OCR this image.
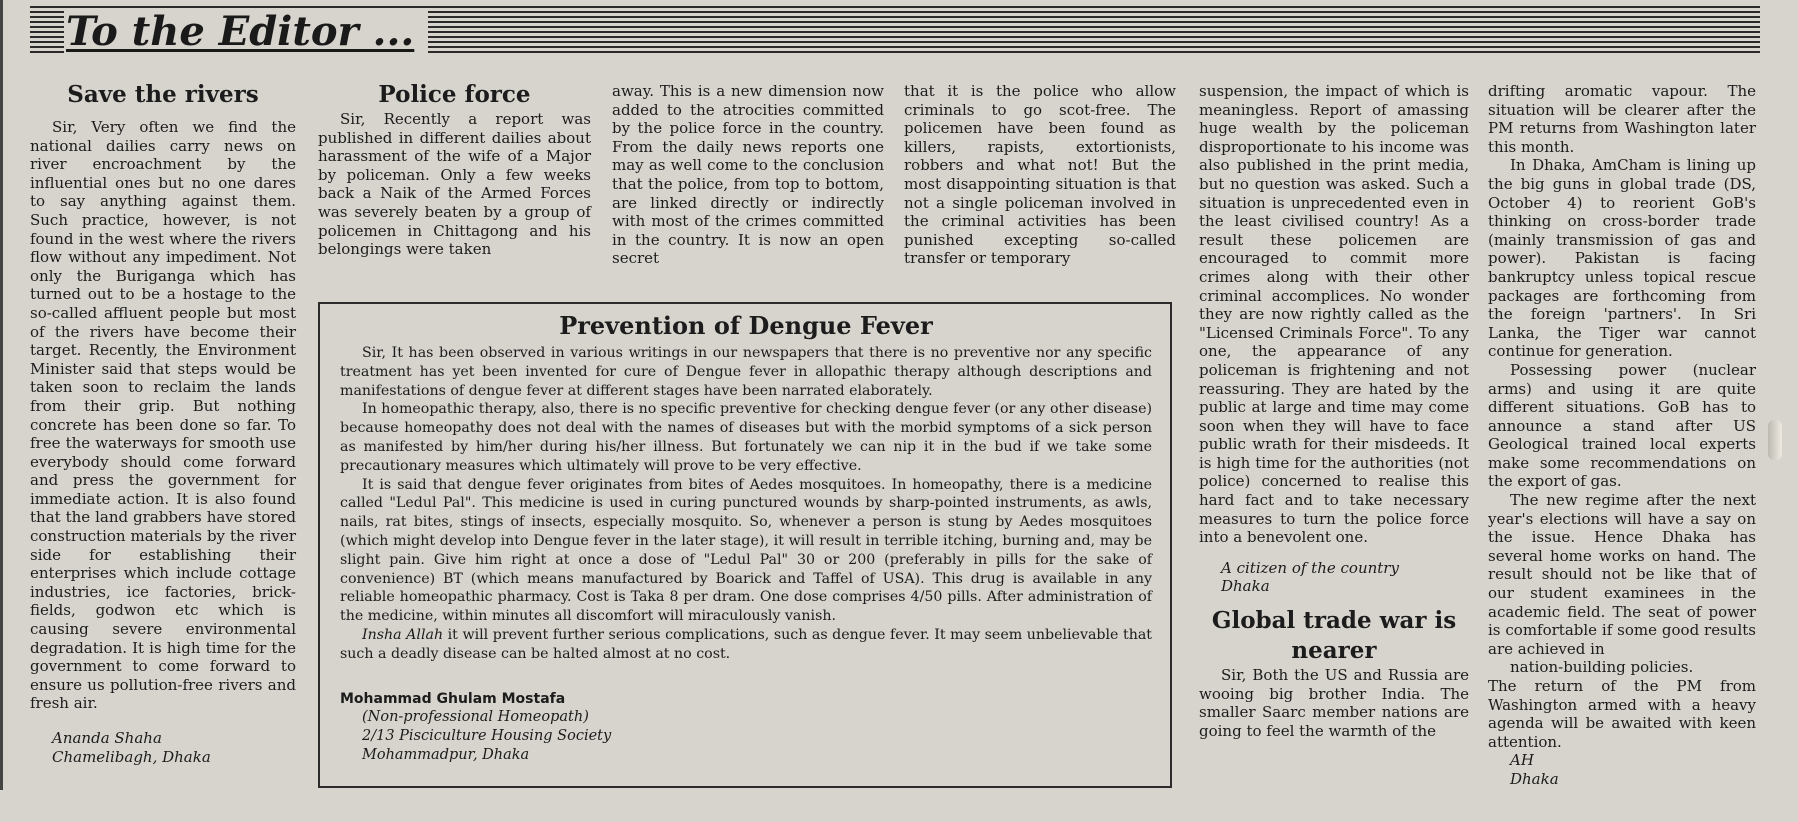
To the Editor ...
Save the rivers

Sir, Very often we find the national dailies carry news on river encroachment by the influential ones but no one dares to say anything against them. Such practice, however, is not found in the west where the rivers flow without any impediment. Not only the Buriganga which has turned out to be a hostage to the so-called affluent people but most of the rivers have become their target. Recently, the Environment Minister said that steps would be taken soon to reclaim the lands from their grip. But nothing concrete has been done so far. To free the waterways for smooth use everybody should come forward and press the government for immediate action. It is also found that the land grabbers have stored construction materials by the river side for establishing their enterprises which include cottage industries, ice factories, brick-fields, godwon etc which is causing severe environmental degradation. It is high time for the government to come forward to ensure us pollution-free rivers and fresh air.

Ananda Shaha

Chamelibagh, Dhaka

Police force

Sir, Recently a report was published in different dailies about harassment of the wife of a Major by policeman. Only a few weeks back a Naik of the Armed Forces was severely beaten by a group of policemen in Chittagong and his belongings were taken

away. This is a new dimension now added to the atrocities committed by the police force in the country. From the daily news reports one may as well come to the conclusion that the police, from top to bottom, are linked directly or indirectly with most of the crimes committed in the country. It is now an open secret

that it is the police who allow criminals to go scot-free. The policemen have been found as killers, rapists, extortionists, robbers and what not! But the most disappointing situation is that not a single policeman involved in the criminal activities has been punished excepting so-called transfer or temporary

suspension, the impact of which is meaningless. Report of amassing huge wealth by the policeman disproportionate to his income was also published in the print media, but no question was asked. Such a situation is unprecedented even in the least civilised country! As a result these policemen are encouraged to commit more crimes along with their other criminal accomplices. No wonder they are now rightly called as the "Licensed Criminals Force". To any one, the appearance of any policeman is frightening and not reassuring. They are hated by the public at large and time may come soon when they will have to face public wrath for their misdeeds. It is high time for the authorities (not police) concerned to realise this hard fact and to take necessary measures to turn the police force into a benevolent one.

A citizen of the country

Dhaka

Global trade war is nearer

Sir, Both the US and Russia are wooing big brother India. The smaller Saarc member nations are going to feel the warmth of the

drifting aromatic vapour. The situation will be clearer after the PM returns from Washington later this month.

In Dhaka, AmCham is lining up the big guns in global trade (DS, October 4) to reorient GoB's thinking on cross-border trade (mainly transmission of gas and power). Pakistan is facing bankruptcy unless topical rescue packages are forthcoming from the foreign 'partners'. In Sri Lanka, the Tiger war cannot continue for generation.

Possessing power (nuclear arms) and using it are quite different situations. GoB has to announce a stand after US Geological trained local experts make some recommendations on the export of gas.

The new regime after the next year's elections will have a say on the issue. Hence Dhaka has several home works on hand. The result should not be like that of our student examinees in the academic field. The seat of power is comfortable if some good results are achieved in

nation-building policies.

The return of the PM from Washington armed with a heavy agenda will be awaited with keen attention.

AH

Dhaka

Prevention of Dengue Fever

Sir, It has been observed in various writings in our newspapers that there is no preventive nor any specific treatment has yet been invented for cure of Dengue fever in allopathic therapy although descriptions and manifestations of dengue fever at different stages have been narrated elaborately.

In homeopathic therapy, also, there is no specific preventive for checking dengue fever (or any other disease) because homeopathy does not deal with the names of diseases but with the morbid symptoms of a sick person as manifested by him/her during his/her illness. But fortunately we can nip it in the bud if we take some precautionary measures which ultimately will prove to be very effective.

It is said that dengue fever originates from bites of Aedes mosquitoes. In homeopathy, there is a medicine called "Ledul Pal". This medicine is used in curing punctured wounds by sharp-pointed instruments, as awls, nails, rat bites, stings of insects, especially mosquito. So, whenever a person is stung by Aedes mosquitoes (which might develop into Dengue fever in the later stage), it will result in terrible itching, burning and, may be slight pain. Give him right at once a dose of "Ledul Pal" 30 or 200 (preferably in pills for the sake of convenience) BT (which means manufactured by Boarick and Taffel of USA). This drug is available in any reliable homeopathic pharmacy. Cost is Taka 8 per dram. One dose comprises 4/50 pills. After administration of the medicine, within minutes all discomfort will miraculously vanish.

Insha Allah it will prevent further serious complications, such as dengue fever. It may seem unbelievable that such a deadly disease can be halted almost at no cost.

Mohammad Ghulam Mostafa

(Non-professional Homeopath)

2/13 Pisciculture Housing Society

Mohammadpur, Dhaka
